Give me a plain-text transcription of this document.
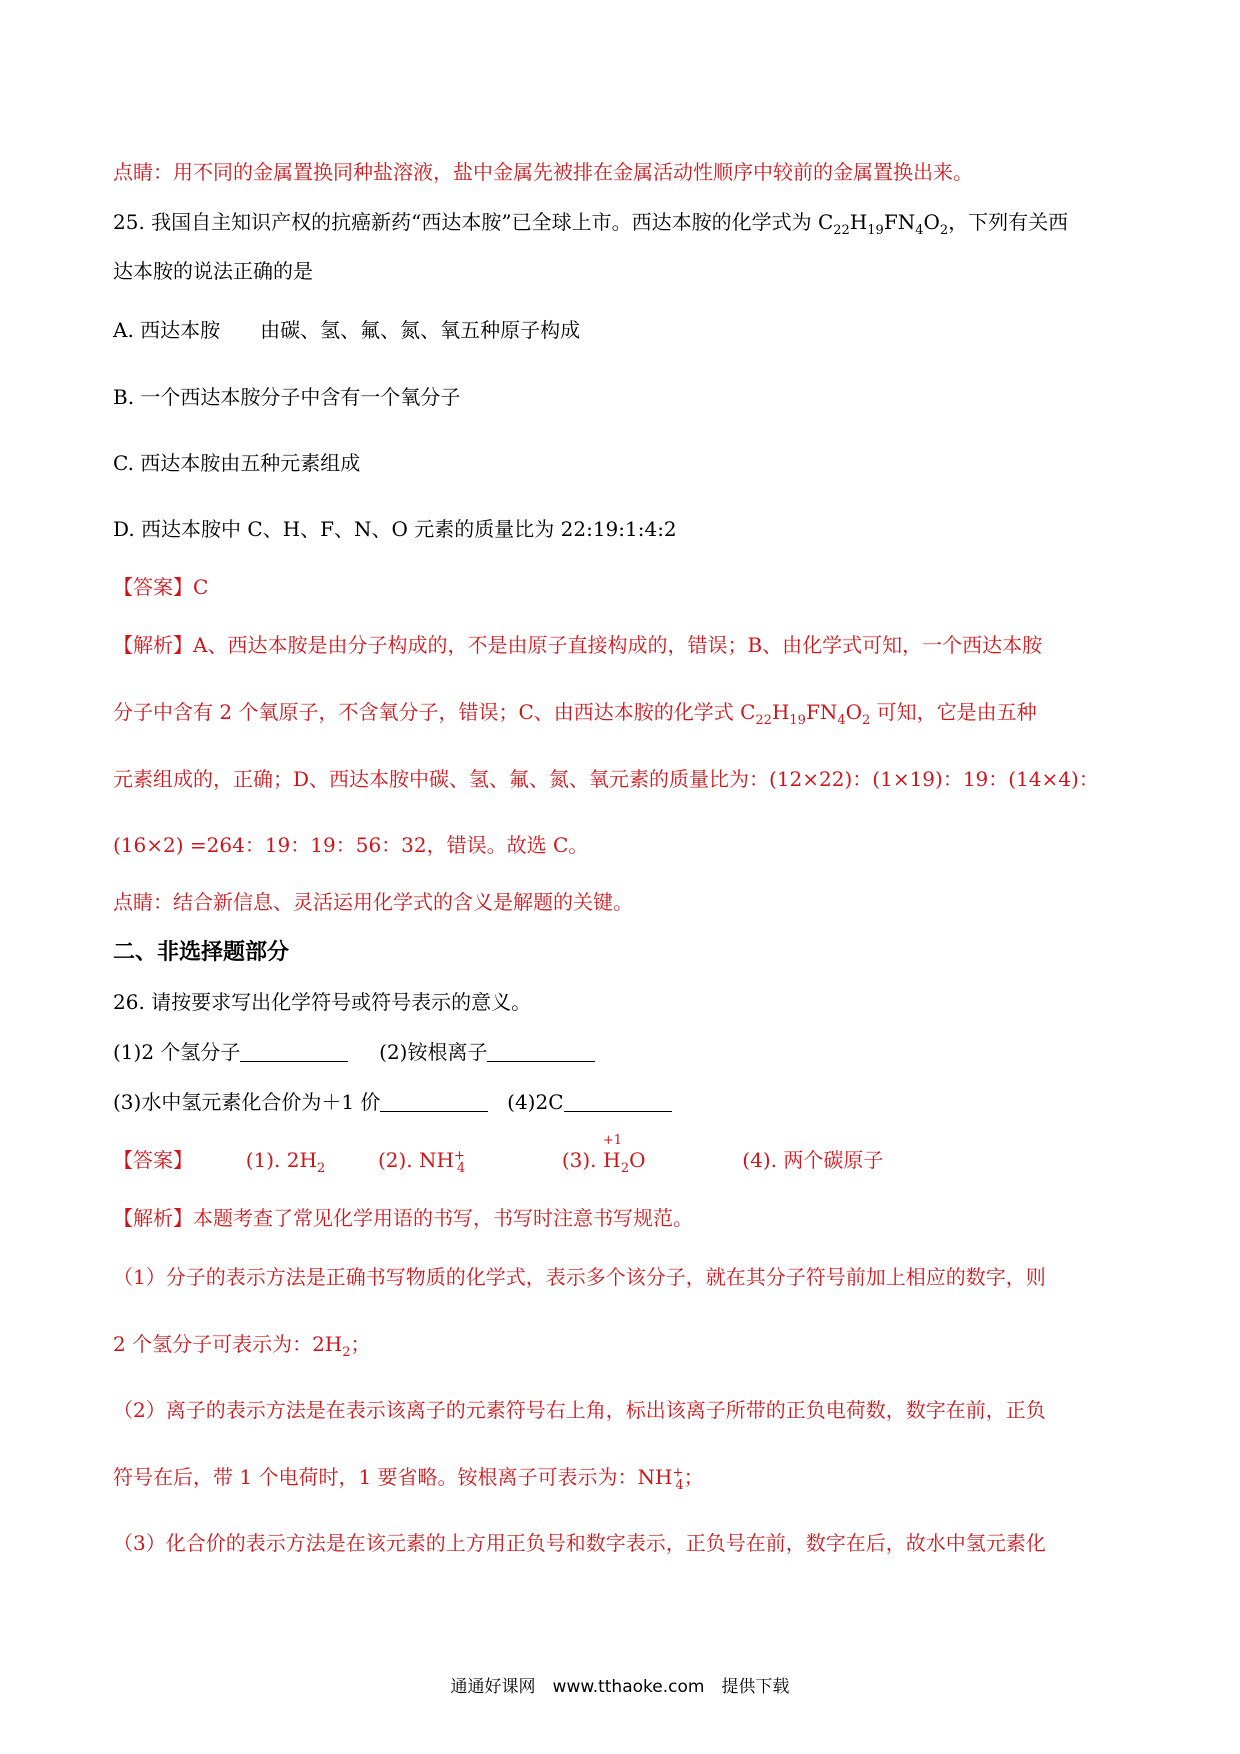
点睛：用不同的金属置换同种盐溶液，盐中金属先被排在金属活动性顺序中较前的金属置换出来。
25. 我国自主知识产权的抗癌新药“西达本胺”已全球上市。西达本胺的化学式为 $C_{22}H_{19}FN_4O_2$，下列有关西
达本胺的说法正确的是
A. 西达本胺　　由碳、氢、氟、氮、氧五种原子构成
B. 一个西达本胺分子中含有一个氧分子
C. 西达本胺由五种元素组成
D. 西达本胺中 C、H、F、N、O 元素的质量比为 22:19:1:4:2
【答案】C
【解析】A、西达本胺是由分子构成的，不是由原子直接构成的，错误；B、由化学式可知，一个西达本胺
分子中含有 2 个氧原子，不含氧分子，错误；C、由西达本胺的化学式 $C_{22}H_{19}FN_4O_2$ 可知，它是由五种
元素组成的，正确；D、西达本胺中碳、氢、氟、氮、氧元素的质量比为：(12×22)：(1×19)：19：(14×4)：
(16×2) =264：19：19：56：32，错误。故选 C。
点睛：结合新信息、灵活运用化学式的含义是解题的关键。
二、非选择题部分
26. 请按要求写出化学符号或符号表示的意义。
(1)2 个氢分子	(2)铵根离子
(3)水中氢元素化合价为＋1 价	(4)2C
【答案】	(1). $2H_2$	(2). $NH^+_4$	(3).
+1
$H_2O$	(4). 两个碳原子
【解析】本题考查了常见化学用语的书写，书写时注意书写规范。
（1）分子的表示方法是正确书写物质的化学式，表示多个该分子，就在其分子符号前加上相应的数字，则
2 个氢分子可表示为：$2H_2$；
（2）离子的表示方法是在表示该离子的元素符号右上角，标出该离子所带的正负电荷数，数字在前，正负
符号在后，带 1 个电荷时，1 要省略。铵根离子可表示为：$NH^+_4$；
（3）化合价的表示方法是在该元素的上方用正负号和数字表示，正负号在前，数字在后，故水中氢元素化
通通好课网　www.tthaoke.com　提供下载
